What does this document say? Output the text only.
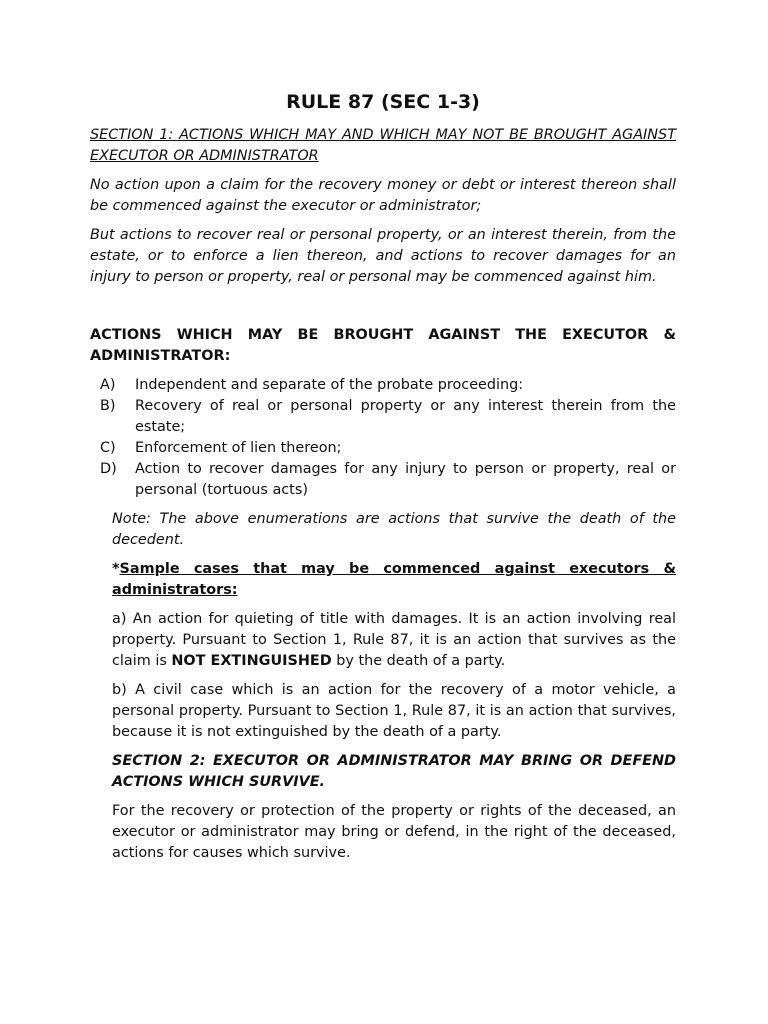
RULE 87 (SEC 1-3)

SECTION 1: ACTIONS WHICH MAY AND WHICH MAY NOT BE BROUGHT AGAINST EXECUTOR OR ADMINISTRATOR

No action upon a claim for the recovery money or debt or interest thereon shall be commenced against the executor or administrator;

But actions to recover real or personal property, or an interest therein, from the estate, or to enforce a lien thereon, and actions to recover damages for an injury to person or property, real or personal may be commenced against him.

ACTIONS WHICH MAY BE BROUGHT AGAINST THE EXECUTOR & ADMINISTRATOR:

A)	Independent and separate of the probate proceeding:
B)	Recovery of real or personal property or any interest therein from the estate;
C)	Enforcement of lien thereon;
D)	Action to recover damages for any injury to person or property, real or personal (tortuous acts)

Note: The above enumerations are actions that survive the death of the decedent.

*Sample cases that may be commenced against executors & administrators:

a) An action for quieting of title with damages. It is an action involving real property. Pursuant to Section 1, Rule 87, it is an action that survives as the claim is NOT EXTINGUISHED by the death of a party.

b) A civil case which is an action for the recovery of a motor vehicle, a personal property. Pursuant to Section 1, Rule 87, it is an action that survives, because it is not extinguished by the death of a party.

SECTION 2: EXECUTOR OR ADMINISTRATOR MAY BRING OR DEFEND ACTIONS WHICH SURVIVE.

For the recovery or protection of the property or rights of the deceased, an executor or administrator may bring or defend, in the right of the deceased, actions for causes which survive.
